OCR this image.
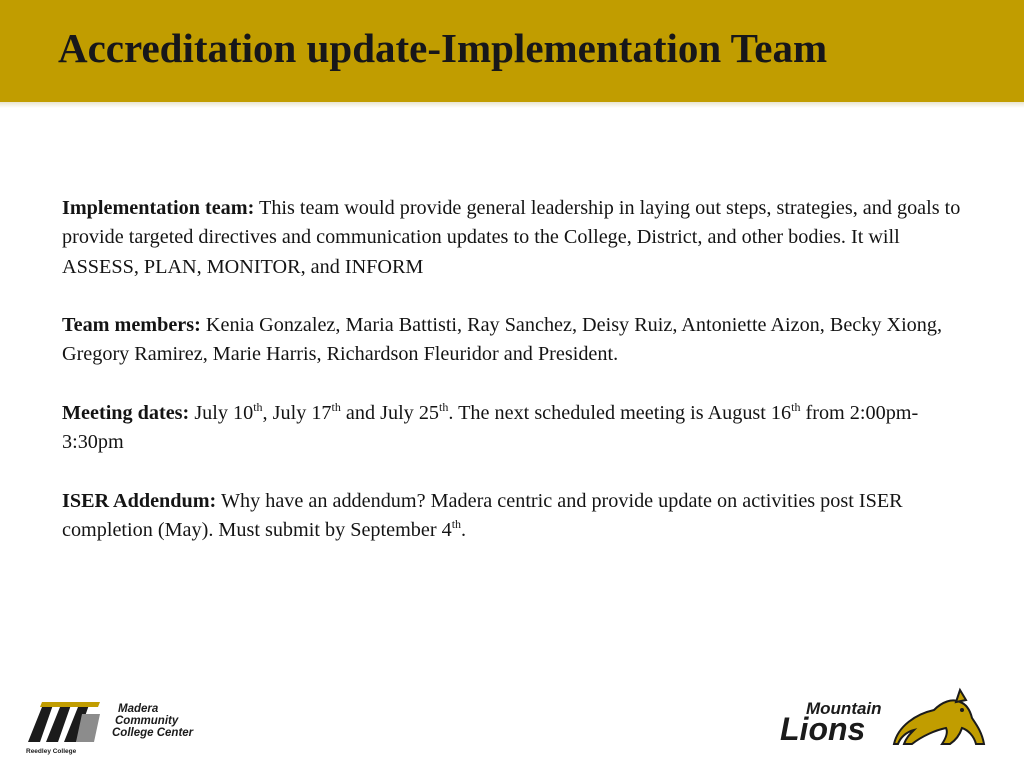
Accreditation update-Implementation Team

Implementation team: This team would provide general leadership in laying out steps, strategies, and goals to provide targeted directives and communication updates to the College, District, and other bodies. It will ASSESS, PLAN, MONITOR, and INFORM

Team members: Kenia Gonzalez, Maria Battisti, Ray Sanchez, Deisy Ruiz, Antoniette Aizon, Becky Xiong, Gregory Ramirez, Marie Harris, Richardson Fleuridor and President.

Meeting dates: July 10th, July 17th and July 25th. The next scheduled meeting is August 16th from 2:00pm-3:30pm

ISER Addendum: Why have an addendum? Madera centric and provide update on activities post ISER completion (May). Must submit by September 4th.

Madera
Community
College Center
Reedley College
Mountain
Lions
